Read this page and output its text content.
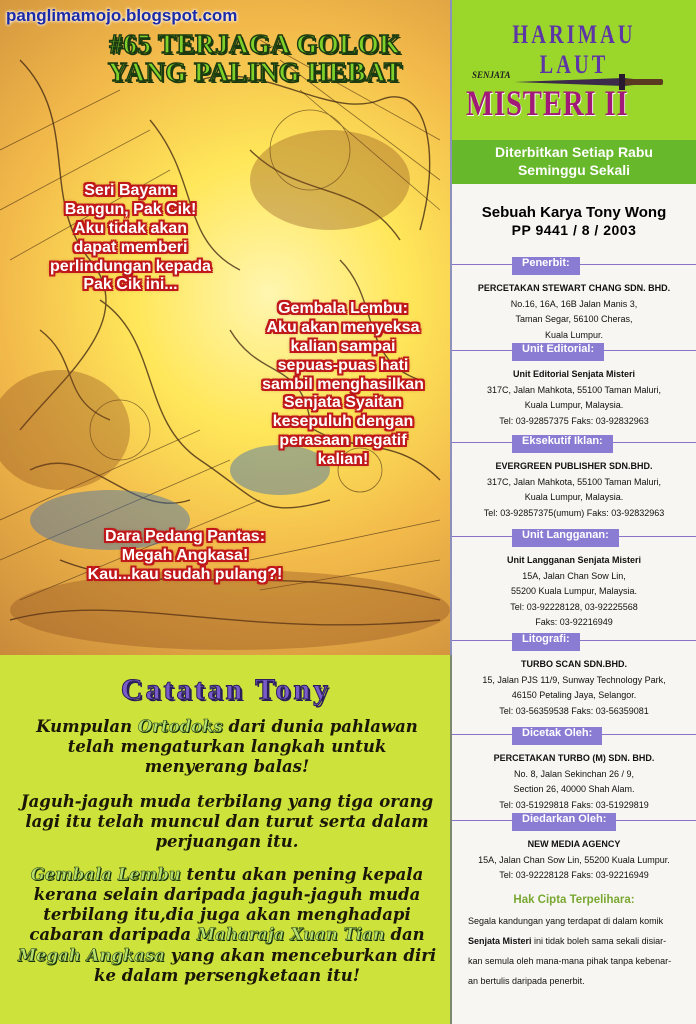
panglimamojo.blogspot.com
#65 TERJAGA GOLOK
YANG PALING HEBAT
Seri Bayam:
Bangun, Pak Cik!
Aku tidak akan
dapat memberi
perlindungan kepada
Pak Cik ini...
Gembala Lembu:
Aku akan menyeksa
kalian sampai
sepuas-puas hati
sambil menghasilkan
Senjata Syaitan
kesepuluh dengan
perasaan negatif
kalian!
Dara Pedang Pantas:
Megah Angkasa!
Kau...kau sudah pulang?!
Catatan Tony
Kumpulan Ortodoks dari dunia pahlawan telah mengaturkan langkah untuk menyerang balas!
Jaguh-jaguh muda terbilang yang tiga orang lagi itu telah muncul dan turut serta dalam perjuangan itu.
Gembala Lembu tentu akan pening kepala kerana selain daripada jaguh-jaguh muda terbilang itu,dia juga akan menghadapi cabaran daripada Maharaja Xuan Tian dan Megah Angkasa yang akan menceburkan diri ke dalam persengketaan itu!
HARIMAU LAUT
SENJATA
MISTERI II
Diterbitkan Setiap Rabu
Seminggu Sekali
Sebuah Karya Tony Wong
PP 9441 / 8 / 2003
Penerbit:
PERCETAKAN STEWART CHANG SDN. BHD.
No.16, 16A, 16B Jalan Manis 3,
Taman Segar, 56100 Cheras,
Kuala Lumpur.
Unit Editorial:
Unit Editorial Senjata Misteri
317C, Jalan Mahkota, 55100 Taman Maluri,
Kuala Lumpur, Malaysia.
Tel: 03-92857375 Faks: 03-92832963
Eksekutif Iklan:
EVERGREEN PUBLISHER SDN.BHD.
317C, Jalan Mahkota, 55100 Taman Maluri,
Kuala Lumpur, Malaysia.
Tel: 03-92857375(umum) Faks: 03-92832963
Unit Langganan:
Unit Langganan Senjata Misteri
15A, Jalan Chan Sow Lin,
55200 Kuala Lumpur, Malaysia.
Tel: 03-92228128, 03-92225568
Faks: 03-92216949
Litografi:
TURBO SCAN SDN.BHD.
15, Jalan PJS 11/9, Sunway Technology Park,
46150 Petaling Jaya, Selangor.
Tel: 03-56359538 Faks: 03-56359081
Dicetak Oleh:
PERCETAKAN TURBO (M) SDN. BHD.
No. 8, Jalan Sekinchan 26 / 9,
Section 26, 40000 Shah Alam.
Tel: 03-51929818 Faks: 03-51929819
Diedarkan Oleh:
NEW MEDIA AGENCY
15A, Jalan Chan Sow Lin, 55200 Kuala Lumpur.
Tel: 03-92228128 Faks: 03-92216949
Hak Cipta Terpelihara:
Segala kandungan yang terdapat di dalam komik
Senjata Misteri ini tidak boleh sama sekali disiar-
kan semula oleh mana-mana pihak tanpa kebenar-
an bertulis daripada penerbit.
